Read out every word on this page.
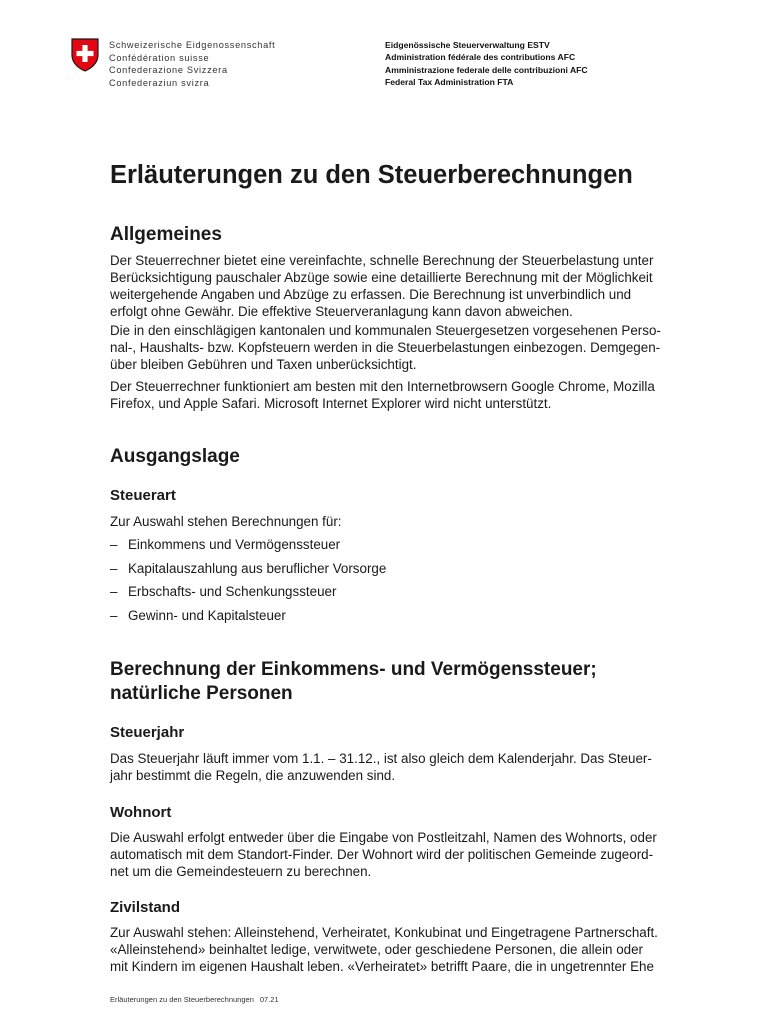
Schweizerische Eidgenossenschaft
Confédération suisse
Confederazione Svizzera
Confederaziun svizra
Eidgenössische Steuerverwaltung ESTV
Administration fédérale des contributions AFC
Amministrazione federale delle contribuzioni AFC
Federal Tax Administration FTA
Erläuterungen zu den Steuerberechnungen
Allgemeines

Der Steuerrechner bietet eine vereinfachte, schnelle Berechnung der Steuerbelastung unter
Berücksichtigung pauschaler Abzüge sowie eine detaillierte Berechnung mit der Möglichkeit
weitergehende Angaben und Abzüge zu erfassen. Die Berechnung ist unverbindlich und
erfolgt ohne Gewähr. Die effektive Steuerveranlagung kann davon abweichen.

Die in den einschlägigen kantonalen und kommunalen Steuergesetzen vorgesehenen Perso-
nal-, Haushalts- bzw. Kopfsteuern werden in die Steuerbelastungen einbezogen. Demgegen-
über bleiben Gebühren und Taxen unberücksichtigt.

Der Steuerrechner funktioniert am besten mit den Internetbrowsern Google Chrome, Mozilla
Firefox, und Apple Safari. Microsoft Internet Explorer wird nicht unterstützt.

Ausgangslage
Steuerart

Zur Auswahl stehen Berechnungen für:

– Einkommens und Vermögenssteuer
– Kapitalauszahlung aus beruflicher Vorsorge
– Erbschafts- und Schenkungssteuer
– Gewinn- und Kapitalsteuer
Berechnung der Einkommens- und Vermögenssteuer;
natürliche Personen
Steuerjahr

Das Steuerjahr läuft immer vom 1.1. – 31.12., ist also gleich dem Kalenderjahr. Das Steuer-
jahr bestimmt die Regeln, die anzuwenden sind.

Wohnort

Die Auswahl erfolgt entweder über die Eingabe von Postleitzahl, Namen des Wohnorts, oder
automatisch mit dem Standort-Finder. Der Wohnort wird der politischen Gemeinde zugeord-
net um die Gemeindesteuern zu berechnen.

Zivilstand

Zur Auswahl stehen: Alleinstehend, Verheiratet, Konkubinat und Eingetragene Partnerschaft.
«Alleinstehend» beinhaltet ledige, verwitwete, oder geschiedene Personen, die allein oder
mit Kindern im eigenen Haushalt leben. «Verheiratet» betrifft Paare, die in ungetrennter Ehe

Erläuterungen zu den Steuerberechnungen 07.21
